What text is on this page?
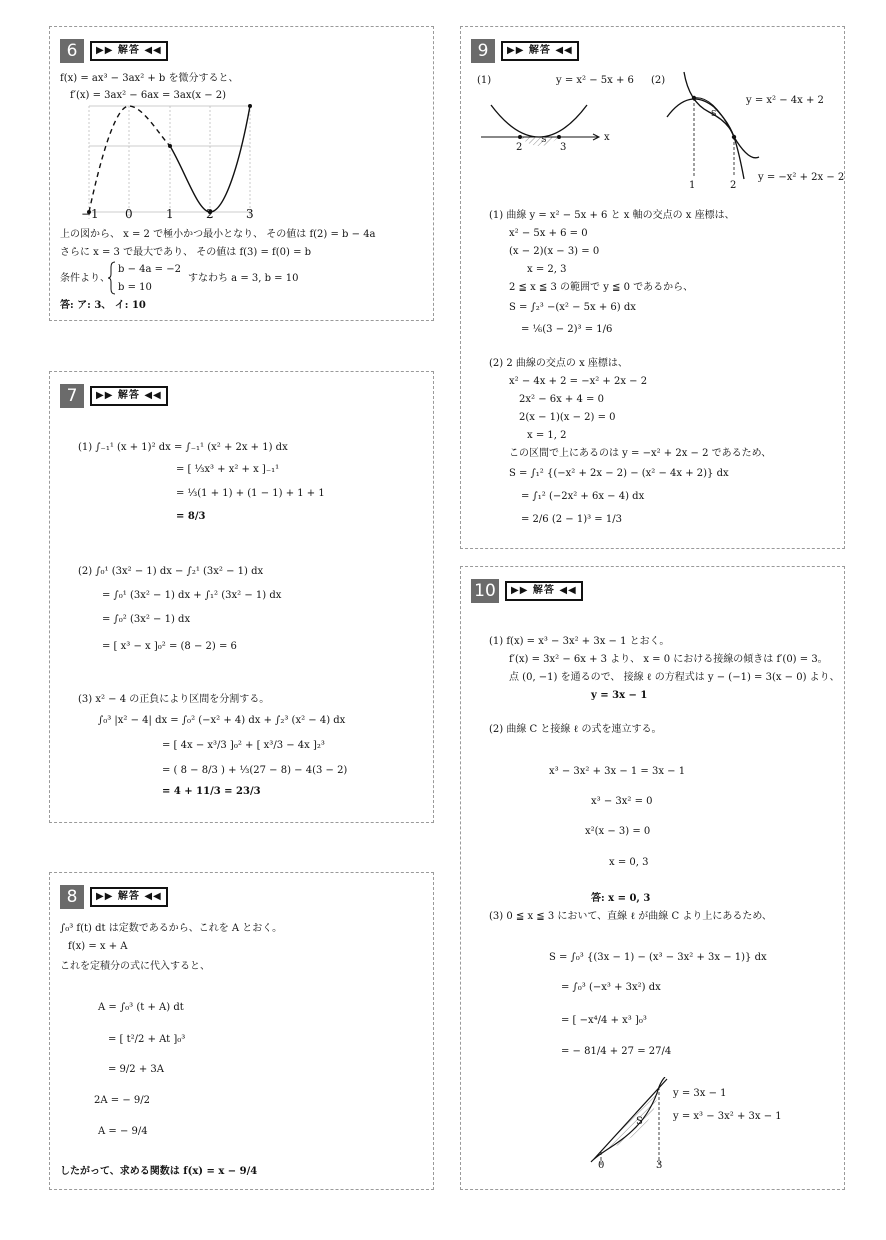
6	▶▶ 解答 ◀◀
f(x) = ax³ − 3ax² + b を微分すると、
f′(x) = 3ax² − 6ax = 3ax(x − 2)
−1 0	1	2	3
上の図から、 x = 2 で極小かつ最小となり、 その値は f(2) = b − 4a
さらに x = 3 で最大であり、 その値は f(3) = f(0) = b
条件より、
b − 4a = −2
b = 10
すなわち a = 3, b = 10
答: ア: 3、 イ: 10
7	▶▶ 解答 ◀◀
(1) ∫₋₁¹ (x + 1)² dx = ∫₋₁¹ (x² + 2x + 1) dx
= [ ⅓x³ + x² + x ]₋₁¹
= ⅓(1 + 1) + (1 − 1) + 1 + 1
= 8/3
(2) ∫₀¹ (3x² − 1) dx − ∫₂¹ (3x² − 1) dx
= ∫₀¹ (3x² − 1) dx + ∫₁² (3x² − 1) dx
= ∫₀² (3x² − 1) dx
= [ x³ − x ]₀² = (8 − 2) = 6
(3) x² − 4 の正負により区間を分割する。
∫₀³ |x² − 4| dx = ∫₀² (−x² + 4) dx + ∫₂³ (x² − 4) dx
= [ 4x − x³/3 ]₀² + [ x³/3 − 4x ]₂³
= ( 8 − 8/3 ) + ⅓(27 − 8) − 4(3 − 2)
= 4 + 11/3 = 23/3
8	▶▶ 解答 ◀◀
∫₀³ f(t) dt は定数であるから、これを A とおく。
f(x) = x + A
これを定積分の式に代入すると、
A = ∫₀³ (t + A) dt
= [ t²/2 + At ]₀³
= 9/2 + 3A
2A = − 9/2
A = − 9/4
したがって、求める関数は f(x) = x − 9/4
9	▶▶ 解答 ◀◀
(1)	y = x² − 5x + 6 (2)
2	3
S	x
S
1	2
y = x² − 4x + 2
y = −x² + 2x − 2
(1) 曲線 y = x² − 5x + 6 と x 軸の交点の x 座標は、
x² − 5x + 6 = 0
(x − 2)(x − 3) = 0
x = 2, 3
2 ≦ x ≦ 3 の範囲で y ≦ 0 であるから、
S = ∫₂³ −(x² − 5x + 6) dx
= ⅙(3 − 2)³ = 1/6
(2) 2 曲線の交点の x 座標は、
x² − 4x + 2 = −x² + 2x − 2
2x² − 6x + 4 = 0
2(x − 1)(x − 2) = 0
x = 1, 2
この区間で上にあるのは y = −x² + 2x − 2 であるため、
S = ∫₁² {(−x² + 2x − 2) − (x² − 4x + 2)} dx
= ∫₁² (−2x² + 6x − 4) dx
= 2/6 (2 − 1)³ = 1/3
10	▶▶ 解答 ◀◀
(1) f(x) = x³ − 3x² + 3x − 1 とおく。
f′(x) = 3x² − 6x + 3 より、 x = 0 における接線の傾きは f′(0) = 3。
点 (0, −1) を通るので、 接線 ℓ の方程式は y − (−1) = 3(x − 0) より、
y = 3x − 1
(2) 曲線 C と接線 ℓ の式を連立する。
x³ − 3x² + 3x − 1 = 3x − 1
x³ − 3x² = 0
x²(x − 3) = 0
x = 0, 3
答: x = 0, 3
(3) 0 ≦ x ≦ 3 において、直線 ℓ が曲線 C より上にあるため、
S = ∫₀³ {(3x − 1) − (x³ − 3x² + 3x − 1)} dx
= ∫₀³ (−x³ + 3x²) dx
= [ −x⁴/4 + x³ ]₀³
= − 81/4 + 27 = 27/4
S
0	3
y = 3x − 1
y = x³ − 3x² + 3x − 1
